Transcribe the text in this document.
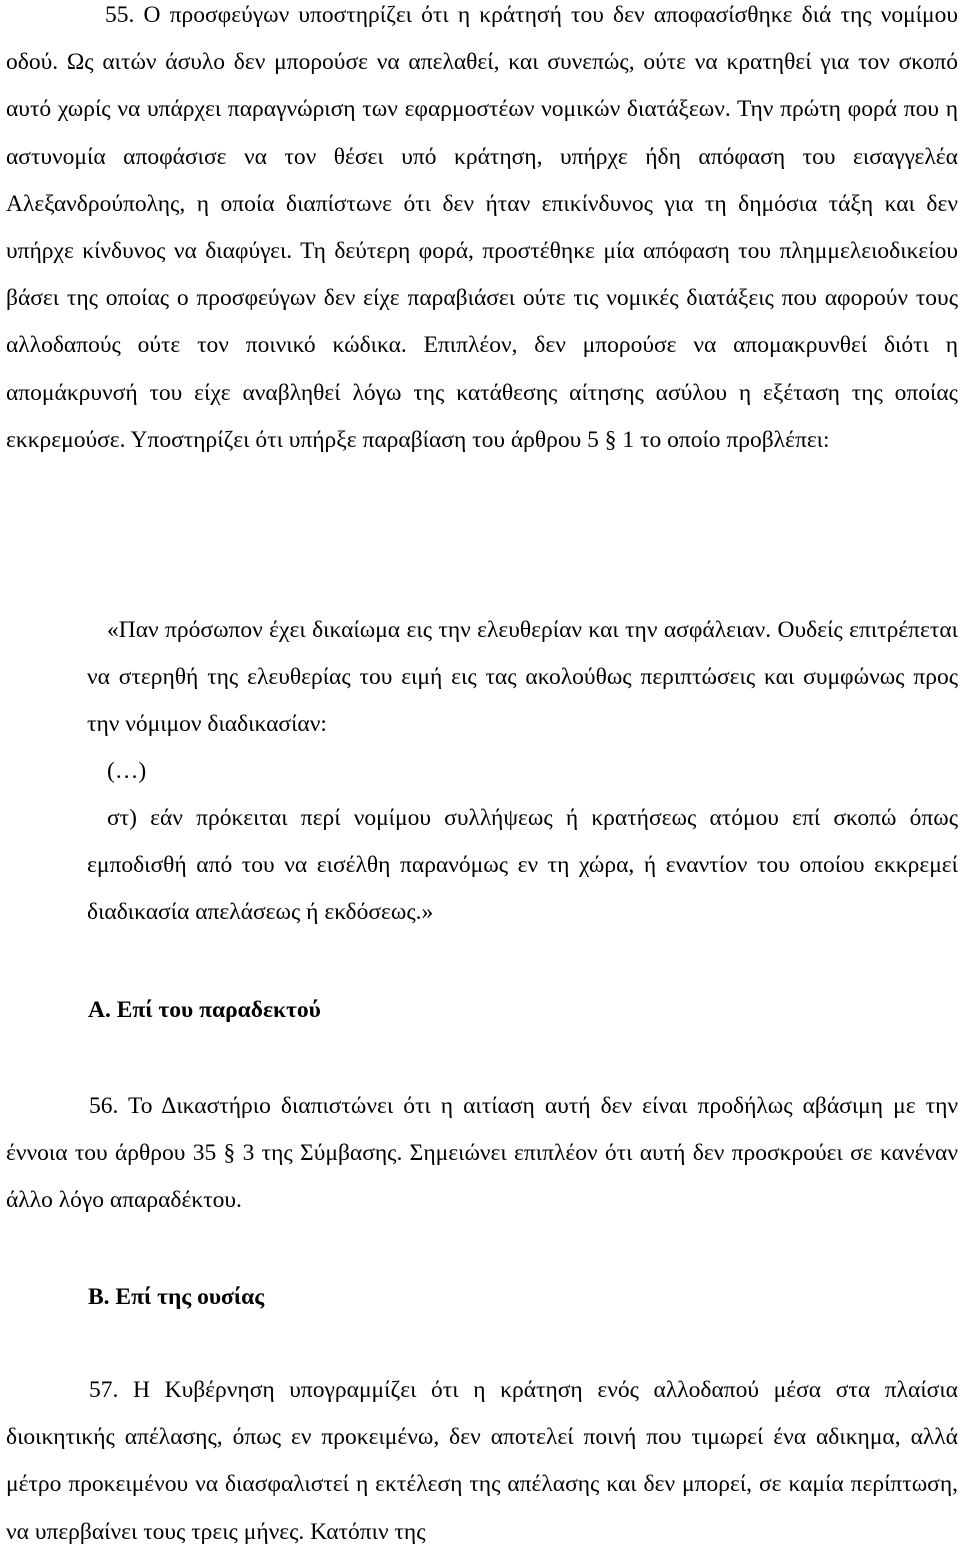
55. Ο προσφεύγων υποστηρίζει ότι η κράτησή του δεν αποφασίσθηκε διά της νομίμου οδού. Ως αιτών άσυλο δεν μπορούσε να απελαθεί, και συνεπώς, ούτε να κρατηθεί για τον σκοπό αυτό χωρίς να υπάρχει παραγνώριση των εφαρμοστέων νομικών διατάξεων. Την πρώτη φορά που η αστυνομία αποφάσισε να τον θέσει υπό κράτηση, υπήρχε ήδη απόφαση του εισαγγελέα Αλεξανδρούπολης, η οποία διαπίστωνε ότι δεν ήταν επικίνδυνος για τη δημόσια τάξη και δεν υπήρχε κίνδυνος να διαφύγει. Τη δεύτερη φορά, προστέθηκε μία απόφαση του πλημμελειοδικείου βάσει της οποίας ο προσφεύγων δεν είχε παραβιάσει ούτε τις νομικές διατάξεις που αφορούν τους αλλοδαπούς ούτε τον ποινικό κώδικα. Επιπλέον, δεν μπορούσε να απομακρυνθεί διότι η απομάκρυνσή του είχε αναβληθεί λόγω της κατάθεσης αίτησης ασύλου η εξέταση της οποίας εκκρεμούσε. Υποστηρίζει ότι υπήρξε παραβίαση του άρθρου 5 § 1 το οποίο προβλέπει:

«Παν πρόσωπον έχει δικαίωμα εις την ελευθερίαν και την ασφάλειαν. Ουδείς επιτρέπεται να στερηθή της ελευθερίας του ειμή εις τας ακολούθως περιπτώσεις και συμφώνως προς την νόμιμον διαδικασίαν:

(…)

στ) εάν πρόκειται περί νομίμου συλλήψεως ή κρατήσεως ατόμου επί σκοπώ όπως εμποδισθή από του να εισέλθη παρανόμως εν τη χώρα, ή εναντίον του οποίου εκκρεμεί διαδικασία απελάσεως ή εκδόσεως.»

Α. Επί του παραδεκτού

56. Το Δικαστήριο διαπιστώνει ότι η αιτίαση αυτή δεν είναι προδήλως αβάσιμη με την έννοια του άρθρου 35 § 3 της Σύμβασης. Σημειώνει επιπλέον ότι αυτή δεν προσκρούει σε κανέναν άλλο λόγο απαραδέκτου.

Β. Επί της ουσίας

57. Η Κυβέρνηση υπογραμμίζει ότι η κράτηση ενός αλλοδαπού μέσα στα πλαίσια διοικητικής απέλασης, όπως εν προκειμένω, δεν αποτελεί ποινή που τιμωρεί ένα αδικημα, αλλά μέτρο προκειμένου να διασφαλιστεί η εκτέλεση της απέλασης και δεν μπορεί, σε καμία περίπτωση, να υπερβαίνει τους τρεις μήνες. Κατόπιν της
